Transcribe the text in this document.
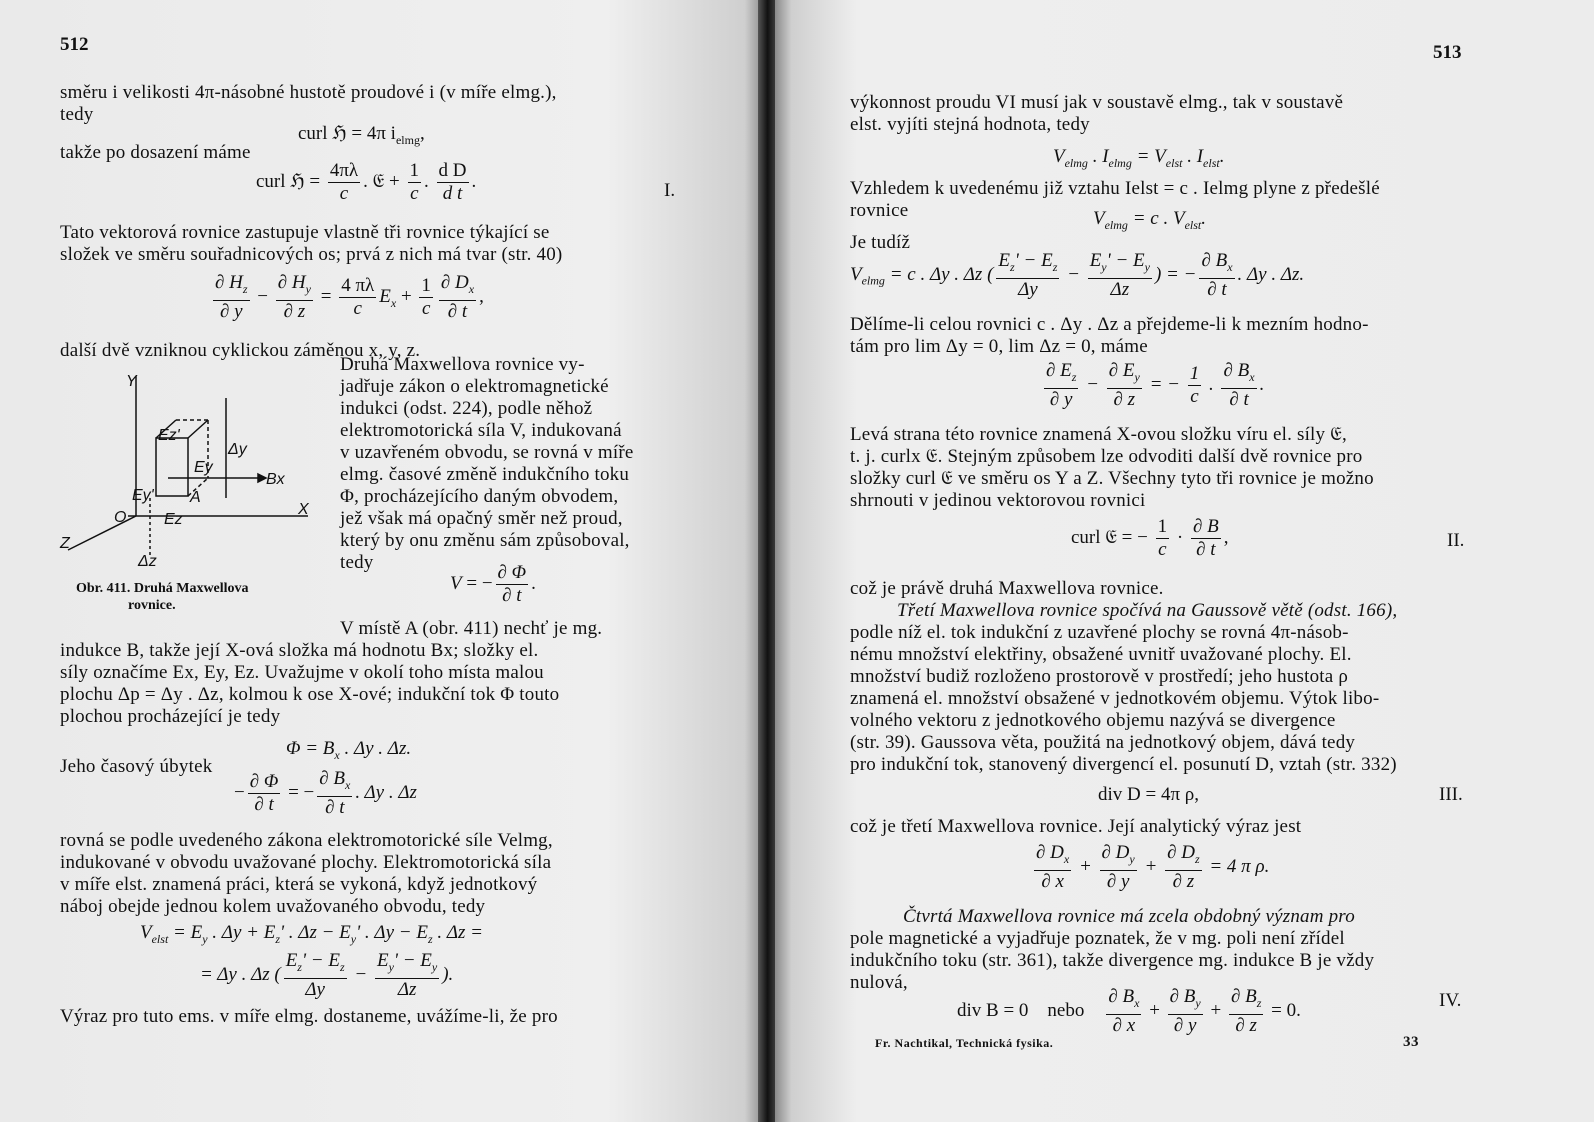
512
směru i velikosti 4π-násobné hustotě proudové i (v míře elmg.),
tedy
curl ℌ = 4π $i_{elmg}$,
takže po dosazení máme
curl ℌ = $\frac{4\pi\lambda}{c}$ . 𝔈 + $\frac{1}{c}$ . $\frac{\text{d D}}{\text{d t}}$ .	I.
Tato vektorová rovnice zastupuje vlastně tři rovnice týkající se
složek ve směru souřadnicových os; prvá z nich má tvar (str. 40)
$\frac{\partial H_z}{\partial y} - \frac{\partial H_y}{\partial z} = \frac{4 \pi\lambda}{c} E_x + \frac{1}{c} \frac{\partial D_x}{\partial t}$ ,
další dvě vzniknou cyklickou záměnou x, y, z.
Y
Ez'
Δy
Ey
Ey'
Bx
A
O Ez
X
Z
Δz
Obr. 411. Druhá Maxwellova
rovnice.
Druhá Maxwellova rovnice vy-
jadřuje zákon o elektromagnetické
indukci (odst. 224), podle něhož
elektromotorická síla V, indukovaná
v uzavřeném obvodu, se rovná v míře
elmg. časové změně indukčního toku
Φ, procházejícího daným obvodem,
jež však má opačný směr než proud,
který by onu změnu sám způsoboval,
tedy
V = − $\frac{\partial \Phi}{\partial t}$ .
V místě A (obr. 411) nechť je mg.
indukce B, takže její X-ová složka má hodnotu Bx; složky el.
síly označíme Ex, Ey, Ez. Uvažujme v okolí toho místa malou
plochu Δp = Δy . Δz, kolmou k ose X-ové; indukční tok Φ touto
plochou procházející je tedy
$\Phi = B_x$ . Δy . Δz.
Jeho časový úbytek
− $\frac{\partial \Phi}{\partial t}$ = − $\frac{\partial B_x}{\partial t}$ . Δy . Δz
rovná se podle uvedeného zákona elektromotorické síle Velmg,
indukované v obvodu uvažované plochy. Elektromotorická síla
v míře elst. znamená práci, která se vykoná, když jednotkový
náboj obejde jednou kolem uvažovaného obvodu, tedy
$V_{elst} = E_y$ . $\Delta y + E_z'$ . $\Delta z - E_y'$ . $\Delta y - E_z$ . Δz =
= Δy . Δz ( $\frac{E_z' - E_z}{\Delta y} - \frac{E_y' - E_y}{\Delta z}$ ).
Výraz pro tuto ems. v míře elmg. dostaneme, uvážíme-li, že pro
513
výkonnost proudu VI musí jak v soustavě elmg., tak v soustavě
elst. vyjíti stejná hodnota, tedy
$V_{elmg}$ . $I_{elmg} = V_{elst}$ . $I_{elst}$.
Vzhledem k uvedenému již vztahu Ielst = c . Ielmg plyne z předešlé
rovnice	$V_{elmg} = c$ . $V_{elst}$.
Je tudíž
$V_{elmg} = c$ . Δy . Δz ( $\frac{E_z' - E_z}{\Delta y} - \frac{E_y' - E_y}{\Delta z}$ ) = − $\frac{\partial B_x}{\partial t}$ . Δy . Δz.
Dělíme-li celou rovnici c . Δy . Δz a přejdeme-li k mezním hodno-
tám pro lim Δy = 0, lim Δz = 0, máme
$\frac{\partial E_z}{\partial y} - \frac{\partial E_y}{\partial z}$ = − $\frac{1}{c}$ . $\frac{\partial B_x}{\partial t}$ .
Levá strana této rovnice znamená X-ovou složku víru el. síly 𝔈,
t. j. curlx 𝔈. Stejným způsobem lze odvoditi další dvě rovnice pro
složky curl 𝔈 ve směru os Y a Z. Všechny tyto tři rovnice je možno
shrnouti v jedinou vektorovou rovnici
curl 𝔈 = − $\frac{1}{c} \cdot \frac{\partial B}{\partial t}$ ,	II.
což je právě druhá Maxwellova rovnice.
Třetí Maxwellova rovnice spočívá na Gaussově větě (odst. 166),
podle níž el. tok indukční z uzavřené plochy se rovná 4π-násob-
nému množství elektřiny, obsažené uvnitř uvažované plochy. El.
množství budiž rozloženo prostorově v prostředí; jeho hustota ρ
znamená el. množství obsažené v jednotkovém objemu. Výtok libo-
volného vektoru z jednotkového objemu nazývá se divergence
(str. 39). Gaussova věta, použitá na jednotkový objem, dává tedy
pro indukční tok, stanovený divergencí el. posunutí D, vztah (str. 332)
div D = 4π ρ,	III.
což je třetí Maxwellova rovnice. Její analytický výraz jest
$\frac{\partial D_x}{\partial x} + \frac{\partial D_y}{\partial y} + \frac{\partial D_z}{\partial z} = 4$ π ρ.
Čtvrtá Maxwellova rovnice má zcela obdobný význam pro
pole magnetické a vyjadřuje poznatek, že v mg. poli není zřídel
indukčního toku (str. 361), takže divergence mg. indukce B je vždy
nulová,
div B = 0 nebo $\frac{\partial B_x}{\partial x} + \frac{\partial B_y}{\partial y} + \frac{\partial B_z}{\partial z} = 0$.	IV.
Fr. Nachtikal, Technická fysika.	33
